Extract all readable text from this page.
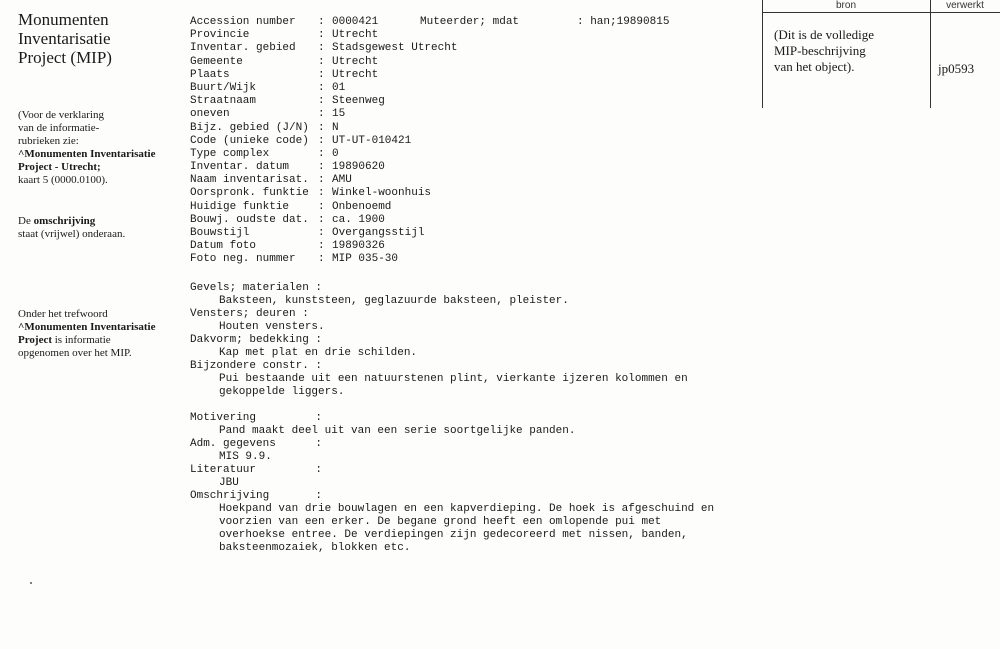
Monumenten
Inventarisatie
Project (MIP)
(Voor de verklaring
van de informatie-
rubrieken zie:
^Monumenten Inventarisatie
Project - Utrecht;
kaart 5 (0000.0100).
De omschrijving
staat (vrijwel) onderaan.
Onder het trefwoord
^Monumenten Inventarisatie
Project is informatie
opgenomen over het MIP.
bron	verwerkt
(Dit is de volledige
MIP-beschrijving
van het object).	jp0593
Accession number	: 0000421
Provincie	: Utrecht
Inventar. gebied	: Stadsgewest Utrecht
Gemeente	: Utrecht
Plaats	: Utrecht
Buurt/Wijk	: 01
Straatnaam	: Steenweg
oneven	: 15
Bijz. gebied (J/N) : N
Code (unieke code) : UT-UT-010421
Type complex	: 0
Inventar. datum	: 19890620
Naam inventarisat. : AMU
Oorspronk. funktie : Winkel-woonhuis
Huidige funktie	: Onbenoemd
Bouwj. oudste dat. : ca. 1900
Bouwstijl	: Overgangsstijl
Datum foto	: 19890326
Foto neg. nummer	: MIP 035-30
Muteerder; mdat	: han;19890815
Gevels; materialen :
Baksteen, kunststeen, geglazuurde baksteen, pleister.
Vensters; deuren :
Houten vensters.
Dakvorm; bedekking :
Kap met plat en drie schilden.
Bijzondere constr. :
Pui bestaande uit een natuurstenen plint, vierkante ijzeren kolommen en
gekoppelde liggers.
Motivering         :
Pand maakt deel uit van een serie soortgelijke panden.
Adm. gegevens      :
MIS 9.9.
Literatuur         :
JBU
Omschrijving       :
Hoekpand van drie bouwlagen en een kapverdieping. De hoek is afgeschuind en
voorzien van een erker. De begane grond heeft een omlopende pui met
overhoekse entree. De verdiepingen zijn gedecoreerd met nissen, banden,
baksteenmozaiek, blokken etc.
